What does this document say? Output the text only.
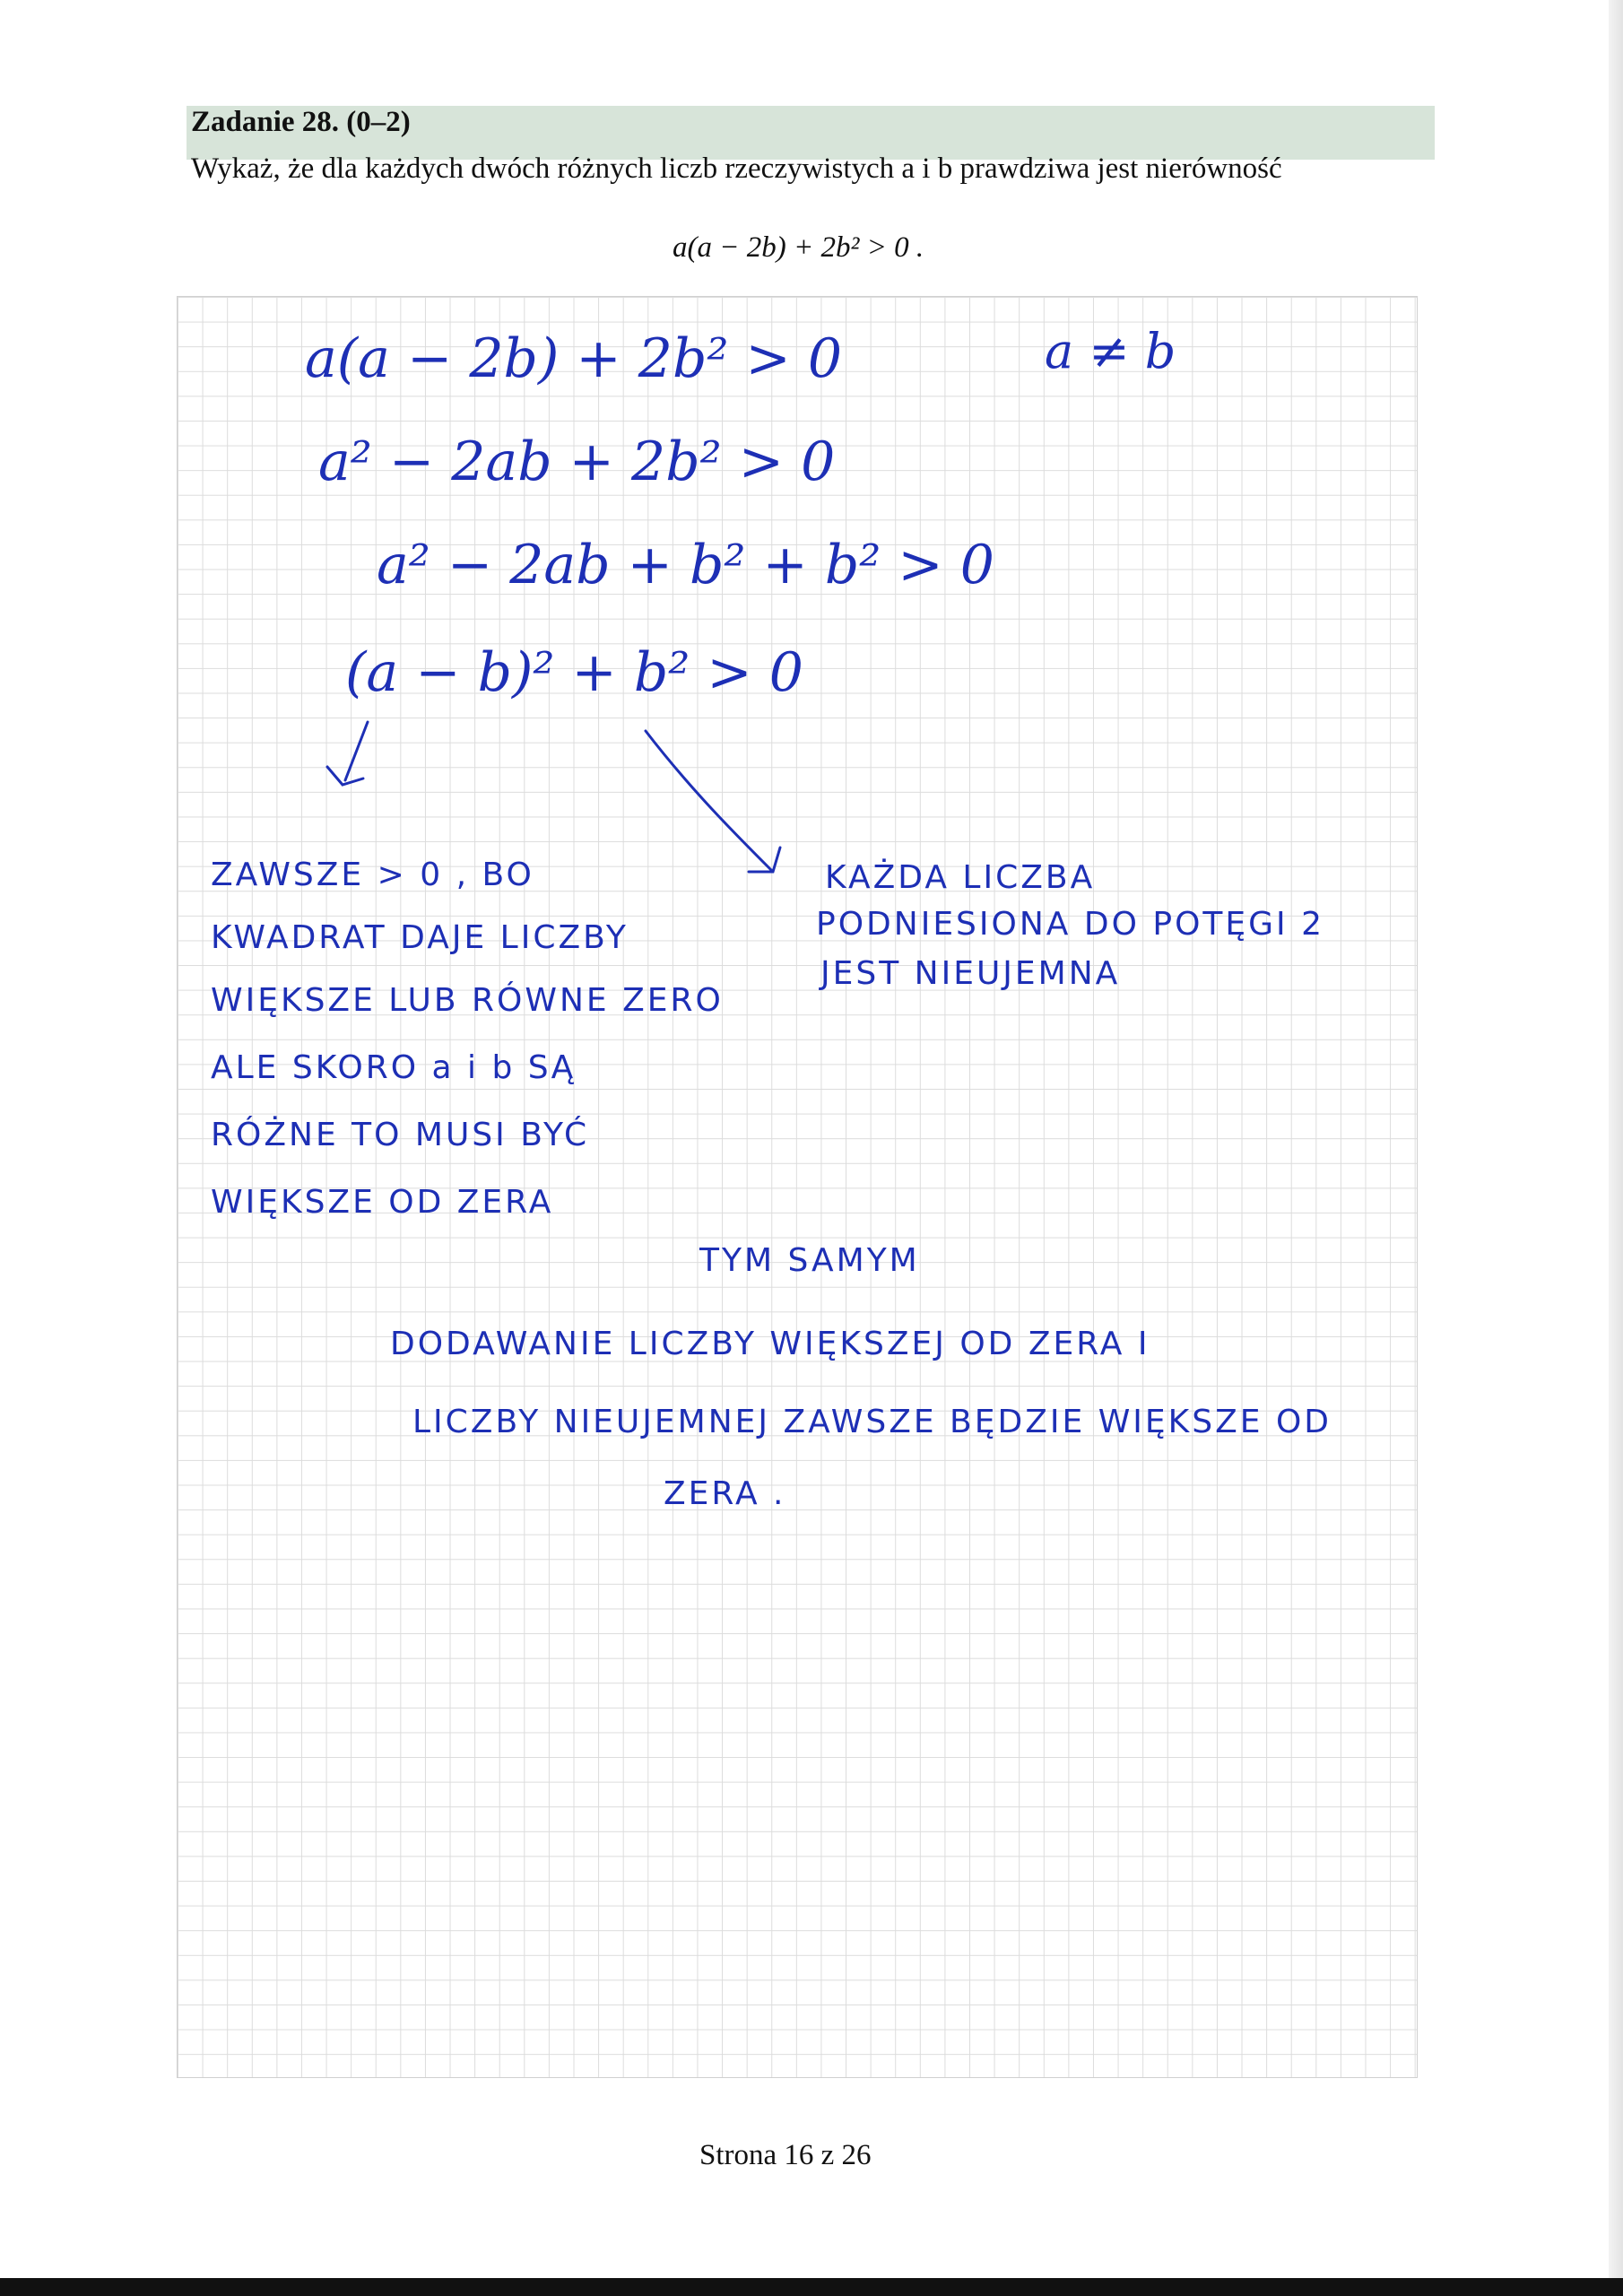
Zadanie 28. (0–2)
Wykaż, że dla każdych dwóch różnych liczb rzeczywistych a i b prawdziwa jest nierówność
a(a − 2b) + 2b² > 0 .
a(a − 2b) + 2b² > 0	a ≠ b
a² − 2ab + 2b² > 0
a² − 2ab + b² + b² > 0
(a − b)² + b² > 0
ZAWSZE > 0 , BO
KWADRAT DAJE LICZBY
WIĘKSZE LUB RÓWNE ZERO
ALE SKORO a i b SĄ
RÓŻNE TO MUSI BYĆ
WIĘKSZE OD ZERA
KAŻDA LICZBA
PODNIESIONA DO POTĘGI 2
JEST NIEUJEMNA
TYM SAMYM
DODAWANIE LICZBY WIĘKSZEJ OD ZERA I
LICZBY NIEUJEMNEJ ZAWSZE BĘDZIE WIĘKSZE OD
ZERA .
Strona 16 z 26
